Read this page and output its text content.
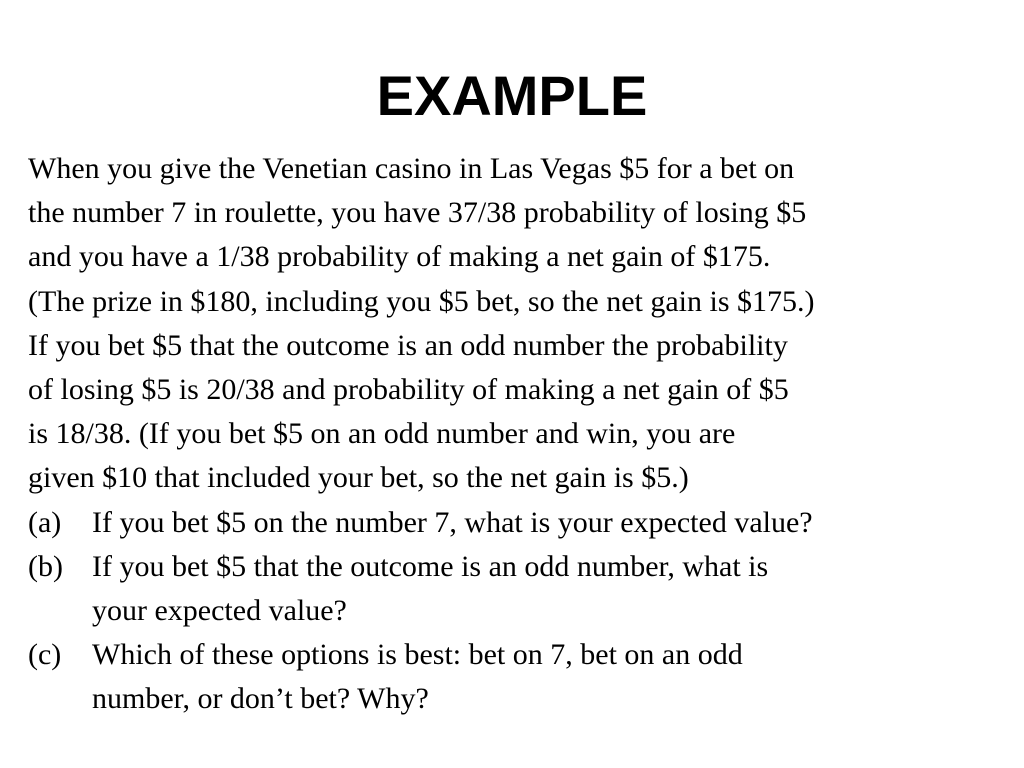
EXAMPLE
When you give the Venetian casino in Las Vegas $5 for a bet on
the number 7 in roulette, you have 37/38 probability of losing $5
and you have a 1/38 probability of making a net gain of $175.
(The prize in $180, including you $5 bet, so the net gain is $175.)
If you bet $5 that the outcome is an odd number the probability
of losing $5 is 20/38 and probability of making a net gain of $5
is 18/38. (If you bet $5 on an odd number and win, you are
given $10 that included your bet, so the net gain is $5.)
(a)	If you bet $5 on the number 7, what is your expected value?
(b) If you bet $5 that the outcome is an odd number, what is
your expected value?
(c)	Which of these options is best: bet on 7, bet on an odd
number, or don’t bet? Why?
